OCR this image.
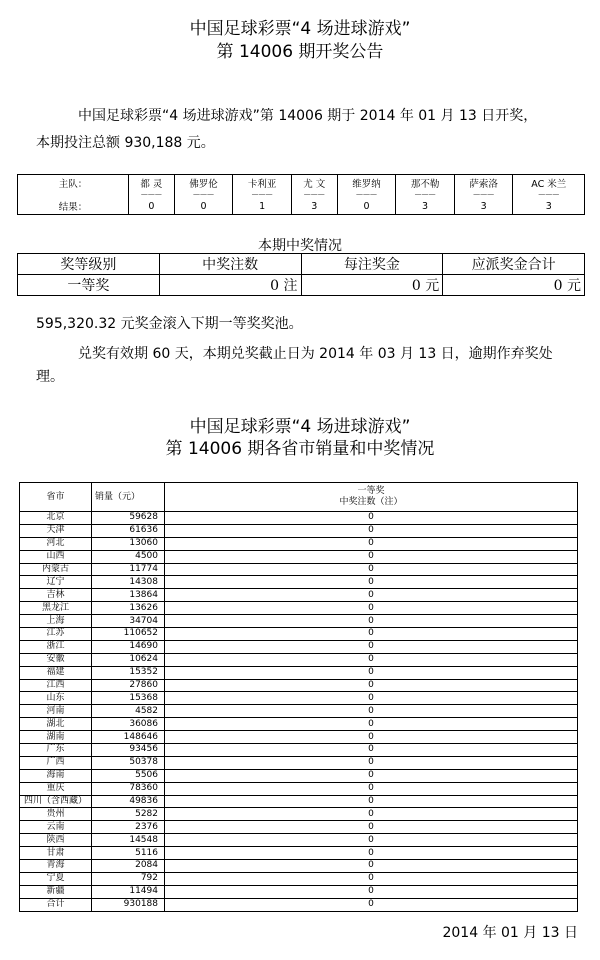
中国足球彩票“4 场进球游戏”
第 14006 期开奖公告
中国足球彩票“4 场进球游戏”第 14006 期于 2014 年 01 月 13 日开奖，
本期投注总额 930,188 元。
主队：	都 灵	佛罗伦	卡利亚	尤 文	维罗纳	那不勒	萨索洛	AC 米兰
	———	———	———	———	———	———	———	———
结果：	0	0	1	3	0	3	3	3
本期中奖情况
奖等级别	中奖注数	每注奖金	应派奖金合计
一等奖	0 注	0 元	0 元
595,320.32 元奖金滚入下期一等奖奖池。
兑奖有效期 60 天，本期兑奖截止日为 2014 年 03 月 13 日，逾期作弃奖处
理。
中国足球彩票“4 场进球游戏”
第 14006 期各省市销量和中奖情况
省市	销量（元）	一等奖
中奖注数（注）

北京	59628	0
天津	61636	0
河北	13060	0
山西	4500	0
内蒙古	11774	0
辽宁	14308	0
吉林	13864	0
黑龙江	13626	0
上海	34704	0
江苏	110652	0
浙江	14690	0
安徽	10624	0
福建	15352	0
江西	27860	0
山东	15368	0
河南	4582	0
湖北	36086	0
湖南	148646	0
广东	93456	0
广西	50378	0
海南	5506	0
重庆	78360	0
四川（含西藏）	49836	0
贵州	5282	0
云南	2376	0
陕西	14548	0
甘肃	5116	0
青海	2084	0
宁夏	792	0
新疆	11494	0
合计	930188	0
2014 年 01 月 13 日
